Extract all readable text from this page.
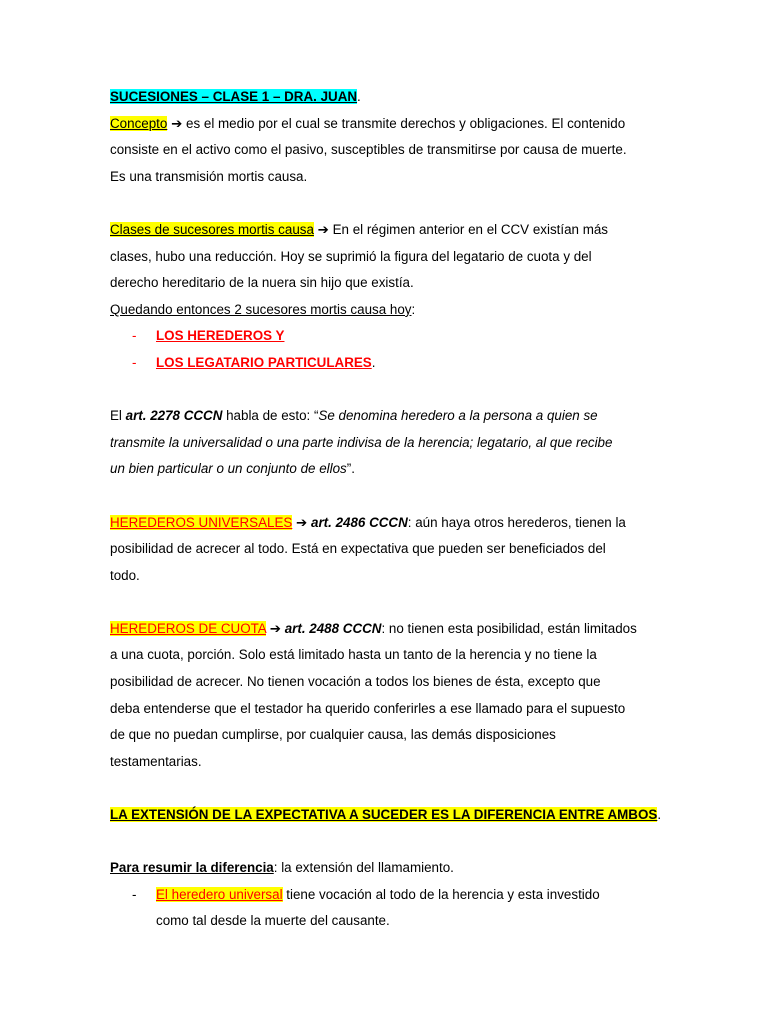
SUCESIONES – CLASE 1 – DRA. JUAN.
Concepto ➔ es el medio por el cual se transmite derechos y obligaciones. El contenido
consiste en el activo como el pasivo, susceptibles de transmitirse por causa de muerte.
Es una transmisión mortis causa.
Clases de sucesores mortis causa ➔ En el régimen anterior en el CCV existían más
clases, hubo una reducción. Hoy se suprimió la figura del legatario de cuota y del
derecho hereditario de la nuera sin hijo que existía.
Quedando entonces 2 sucesores mortis causa hoy:
- LOS HEREDEROS Y
- LOS LEGATARIO PARTICULARES.
El art. 2278 CCCN habla de esto: “Se denomina heredero a la persona a quien se
transmite la universalidad o una parte indivisa de la herencia; legatario, al que recibe
un bien particular o un conjunto de ellos”.
HEREDEROS UNIVERSALES ➔ art. 2486 CCCN: aún haya otros herederos, tienen la
posibilidad de acrecer al todo. Está en expectativa que pueden ser beneficiados del
todo.
HEREDEROS DE CUOTA ➔ art. 2488 CCCN: no tienen esta posibilidad, están limitados
a una cuota, porción. Solo está limitado hasta un tanto de la herencia y no tiene la
posibilidad de acrecer. No tienen vocación a todos los bienes de ésta, excepto que
deba entenderse que el testador ha querido conferirles a ese llamado para el supuesto
de que no puedan cumplirse, por cualquier causa, las demás disposiciones
testamentarias.
LA EXTENSIÓN DE LA EXPECTATIVA A SUCEDER ES LA DIFERENCIA ENTRE AMBOS.
Para resumir la diferencia: la extensión del llamamiento.
- El heredero universal tiene vocación al todo de la herencia y esta investido
como tal desde la muerte del causante.
